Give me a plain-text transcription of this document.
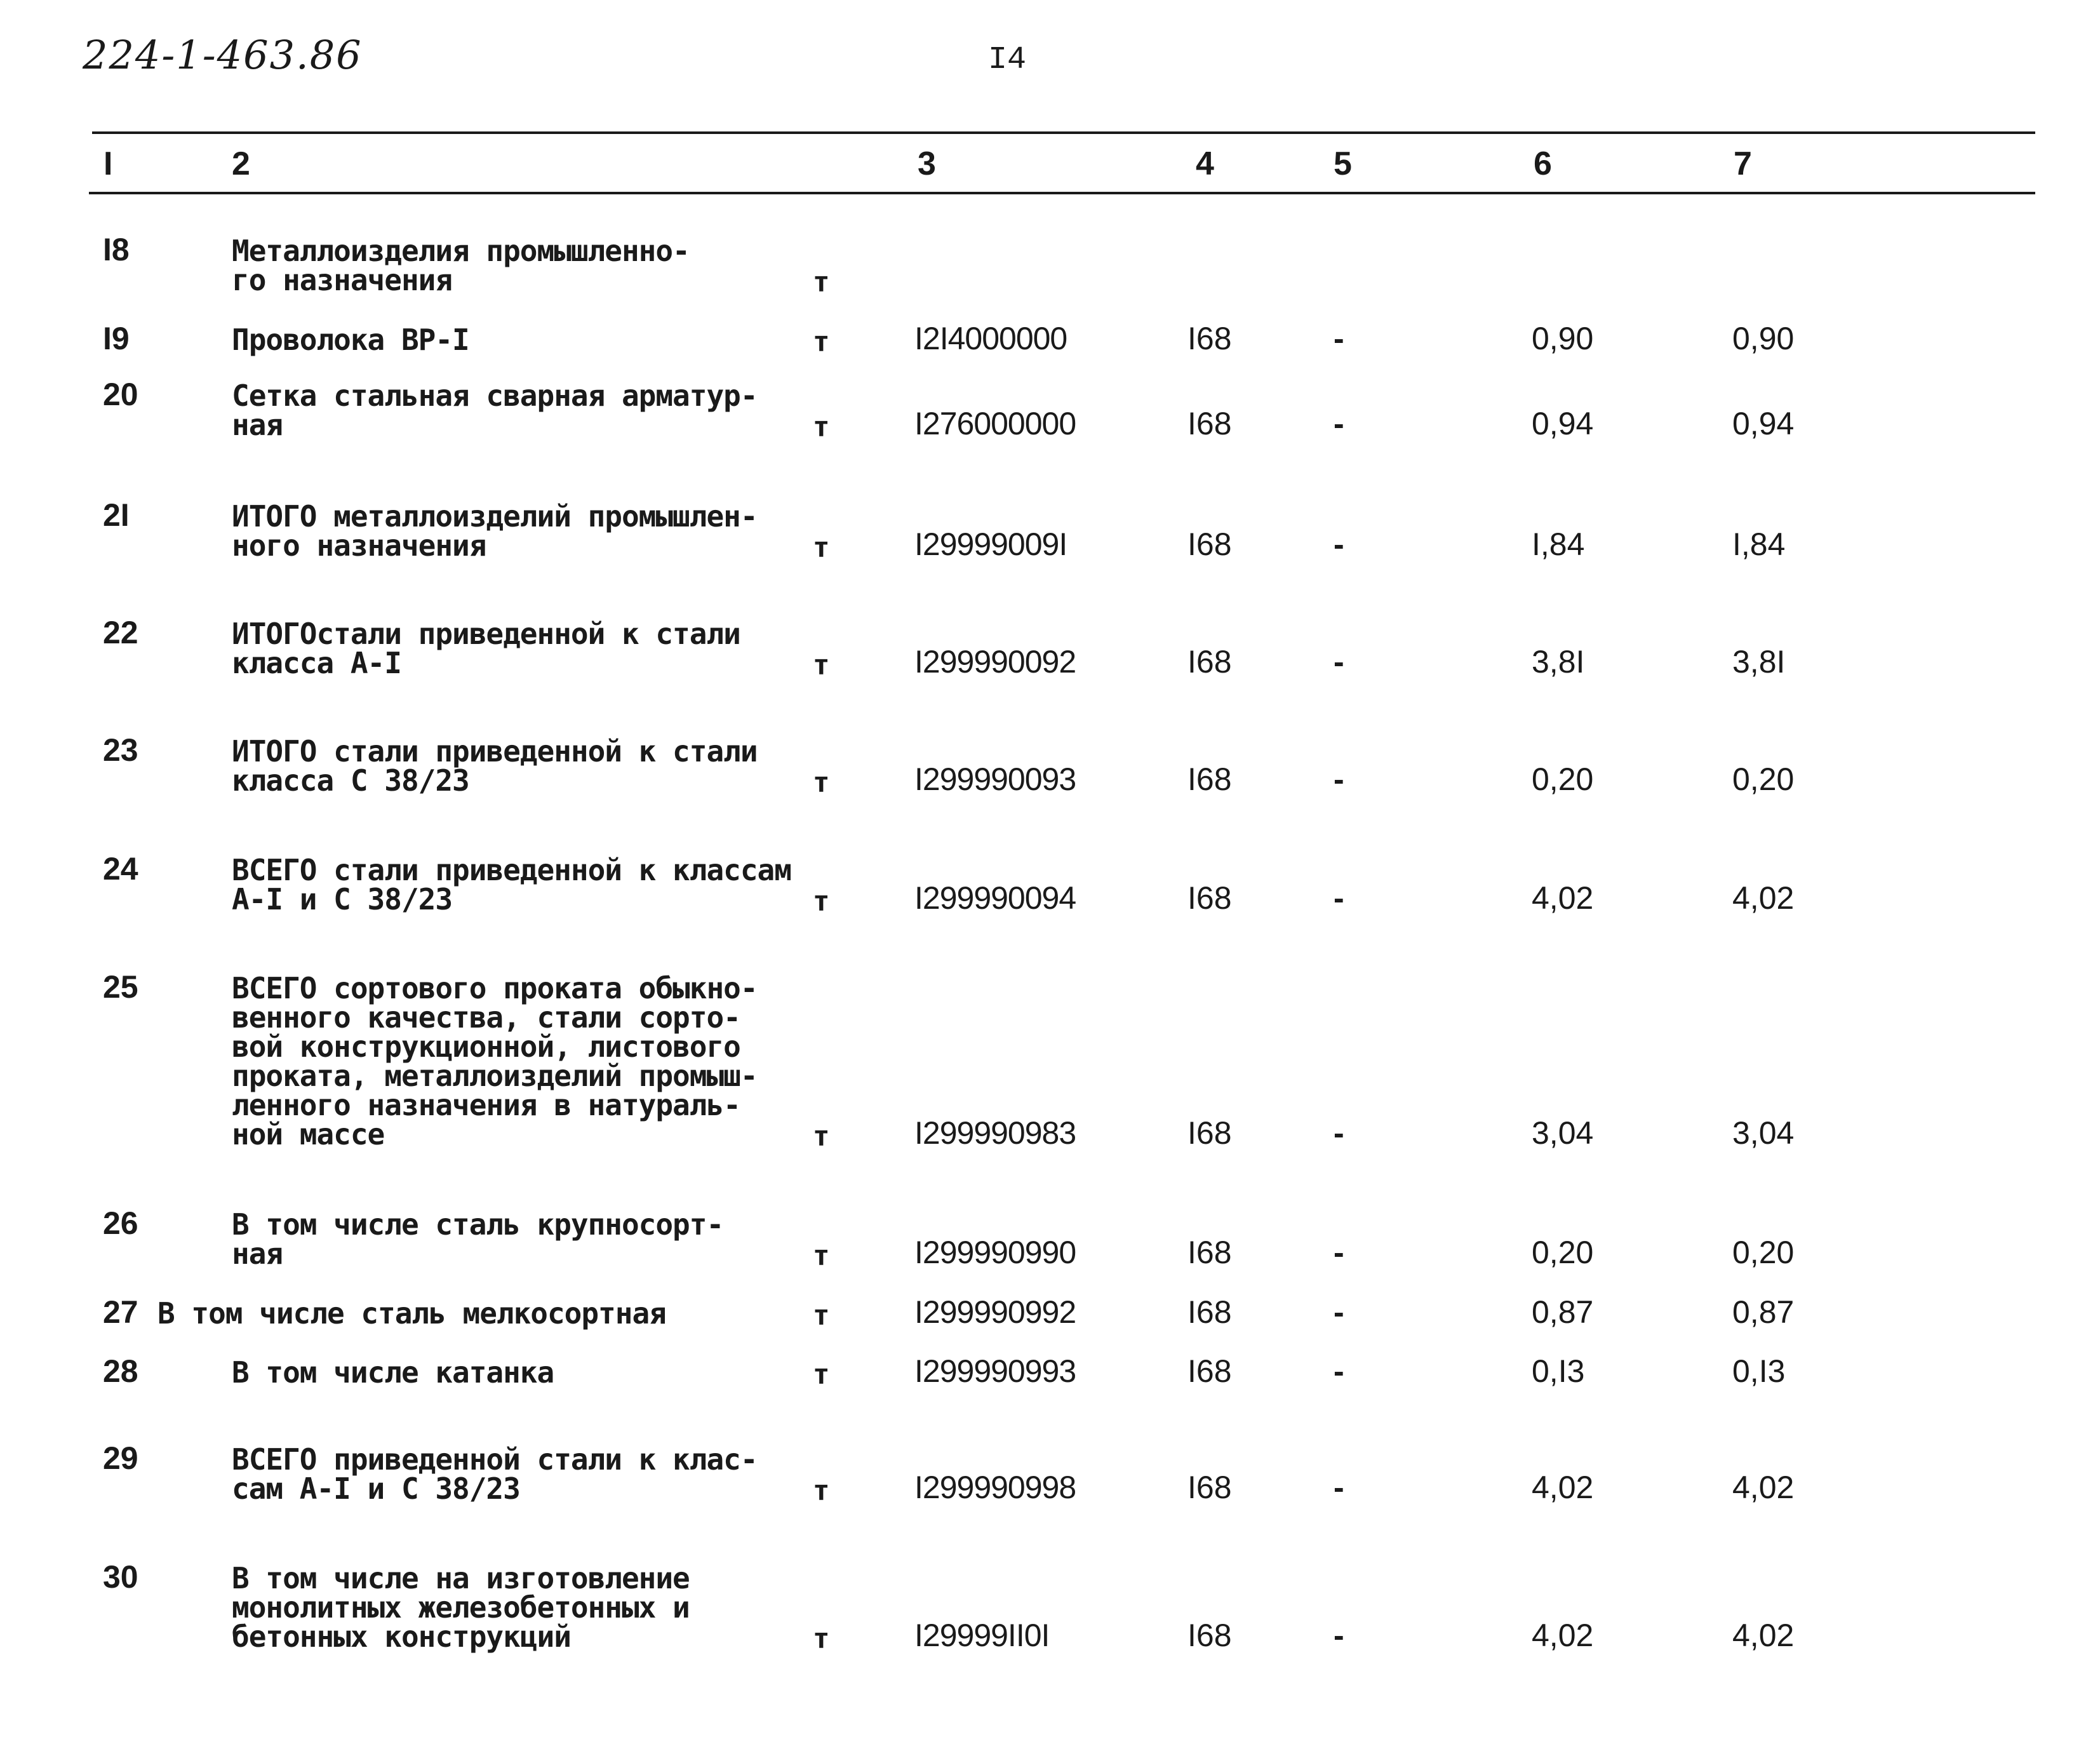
224-1-463.86	I4
I	2	3	4	5	6	7
I8	Металлоизделия промышленно-
го назначения	т
I9	Проволока ВР-I	т	I2I4000000	I68	-	0,90	0,90
20	Сетка стальная сварная арматур-
ная	т	I276000000	I68	-	0,94	0,94
2I	ИТОГО металлоизделий промышлен-
ного назначения	т	I29999009I	I68	-	I,84	I,84
22	ИТОГОстали приведенной к стали
класса А-I	т	I299990092	I68	-	3,8I	3,8I
23	ИТОГО стали приведенной к стали
класса С 38/23	т	I299990093	I68	-	0,20	0,20
24	ВСЕГО стали приведенной к классам
А-I и С 38/23	т	I299990094	I68	-	4,02	4,02
25	ВСЕГО сортового проката обыкно-
венного качества, стали сорто-
вой конструкционной, листового
проката, металлоизделий промыш-
ленного назначения в натураль-
ной массе	т	I299990983	I68	-	3,04	3,04
26	В том числе сталь крупносорт-
ная	т	I299990990	I68	-	0,20	0,20
27 В том числе сталь мелкосортная	т	I299990992	I68	-	0,87	0,87
28	В том числе катанка	т	I299990993	I68	-	0,I3	0,I3
29	ВСЕГО приведенной стали к клас-
сам А-I и С 38/23	т	I299990998	I68	-	4,02	4,02
30	В том числе на изготовление
монолитных железобетонных и
бетонных конструкций	т	I29999II0I	I68	-	4,02	4,02
